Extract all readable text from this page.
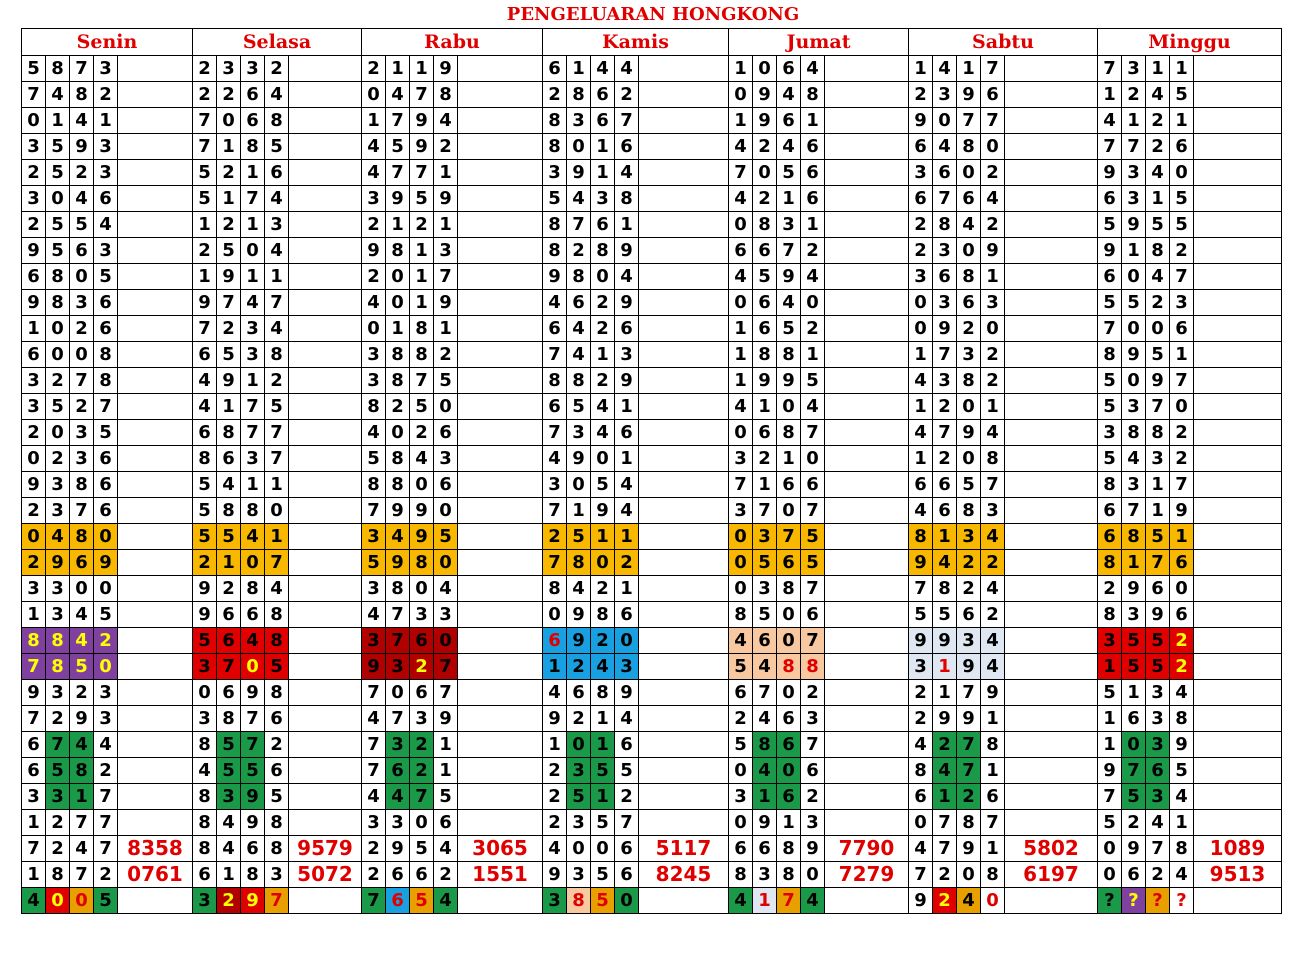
PENGELUARAN HONGKONG
Senin					Selasa					Rabu					Kamis					Jumat					Sabtu					Minggu				
5	8	7	3		2	3	3	2		2	1	1	9		6	1	4	4		1	0	6	4		1	4	1	7		7	3	1	1	
7	4	8	2		2	2	6	4		0	4	7	8		2	8	6	2		0	9	4	8		2	3	9	6		1	2	4	5	
0	1	4	1		7	0	6	8		1	7	9	4		8	3	6	7		1	9	6	1		9	0	7	7		4	1	2	1	
3	5	9	3		7	1	8	5		4	5	9	2		8	0	1	6		4	2	4	6		6	4	8	0		7	7	2	6	
2	5	2	3		5	2	1	6		4	7	7	1		3	9	1	4		7	0	5	6		3	6	0	2		9	3	4	0	
3	0	4	6		5	1	7	4		3	9	5	9		5	4	3	8		4	2	1	6		6	7	6	4		6	3	1	5	
2	5	5	4		1	2	1	3		2	1	2	1		8	7	6	1		0	8	3	1		2	8	4	2		5	9	5	5	
9	5	6	3		2	5	0	4		9	8	1	3		8	2	8	9		6	6	7	2		2	3	0	9		9	1	8	2	
6	8	0	5		1	9	1	1		2	0	1	7		9	8	0	4		4	5	9	4		3	6	8	1		6	0	4	7	
9	8	3	6		9	7	4	7		4	0	1	9		4	6	2	9		0	6	4	0		0	3	6	3		5	5	2	3	
1	0	2	6		7	2	3	4		0	1	8	1		6	4	2	6		1	6	5	2		0	9	2	0		7	0	0	6	
6	0	0	8		6	5	3	8		3	8	8	2		7	4	1	3		1	8	8	1		1	7	3	2		8	9	5	1	
3	2	7	8		4	9	1	2		3	8	7	5		8	8	2	9		1	9	9	5		4	3	8	2		5	0	9	7	
3	5	2	7		4	1	7	5		8	2	5	0		6	5	4	1		4	1	0	4		1	2	0	1		5	3	7	0	
2	0	3	5		6	8	7	7		4	0	2	6		7	3	4	6		0	6	8	7		4	7	9	4		3	8	8	2	
0	2	3	6		8	6	3	7		5	8	4	3		4	9	0	1		3	2	1	0		1	2	0	8		5	4	3	2	
9	3	8	6		5	4	1	1		8	8	0	6		3	0	5	4		7	1	6	6		6	6	5	7		8	3	1	7	
2	3	7	6		5	8	8	0		7	9	9	0		7	1	9	4		3	7	0	7		4	6	8	3		6	7	1	9	
0	4	8	0		5	5	4	1		3	4	9	5		2	5	1	1		0	3	7	5		8	1	3	4		6	8	5	1	
2	9	6	9		2	1	0	7		5	9	8	0		7	8	0	2		0	5	6	5		9	4	2	2		8	1	7	6	
3	3	0	0		9	2	8	4		3	8	0	4		8	4	2	1		0	3	8	7		7	8	2	4		2	9	6	0	
1	3	4	5		9	6	6	8		4	7	3	3		0	9	8	6		8	5	0	6		5	5	6	2		8	3	9	6	
8	8	4	2		5	6	4	8		3	7	6	0		6	9	2	0		4	6	0	7		9	9	3	4		3	5	5	2	
7	8	5	0		3	7	0	5		9	3	2	7		1	2	4	3		5	4	8	8		3	1	9	4		1	5	5	2	
9	3	2	3		0	6	9	8		7	0	6	7		4	6	8	9		6	7	0	2		2	1	7	9		5	1	3	4	
7	2	9	3		3	8	7	6		4	7	3	9		9	2	1	4		2	4	6	3		2	9	9	1		1	6	3	8	
6	7	4	4		8	5	7	2		7	3	2	1		1	0	1	6		5	8	6	7		4	2	7	8		1	0	3	9	
6	5	8	2		4	5	5	6		7	6	2	1		2	3	5	5		0	4	0	6		8	4	7	1		9	7	6	5	
3	3	1	7		8	3	9	5		4	4	7	5		2	5	1	2		3	1	6	2		6	1	2	6		7	5	3	4	
1	2	7	7		8	4	9	8		3	3	0	6		2	3	5	7		0	9	1	3		0	7	8	7		5	2	4	1	
7	2	4	7	8358	8	4	6	8	9579	2	9	5	4	3065	4	0	0	6	5117	6	6	8	9	7790	4	7	9	1	5802	0	9	7	8	1089
1	8	7	2	0761	6	1	8	3	5072	2	6	6	2	1551	9	3	5	6	8245	8	3	8	0	7279	7	2	0	8	6197	0	6	2	4	9513
4	0	0	5		3	2	9	7		7	6	5	4		3	8	5	0		4	1	7	4		9	2	4	0		?	?	?	?	
